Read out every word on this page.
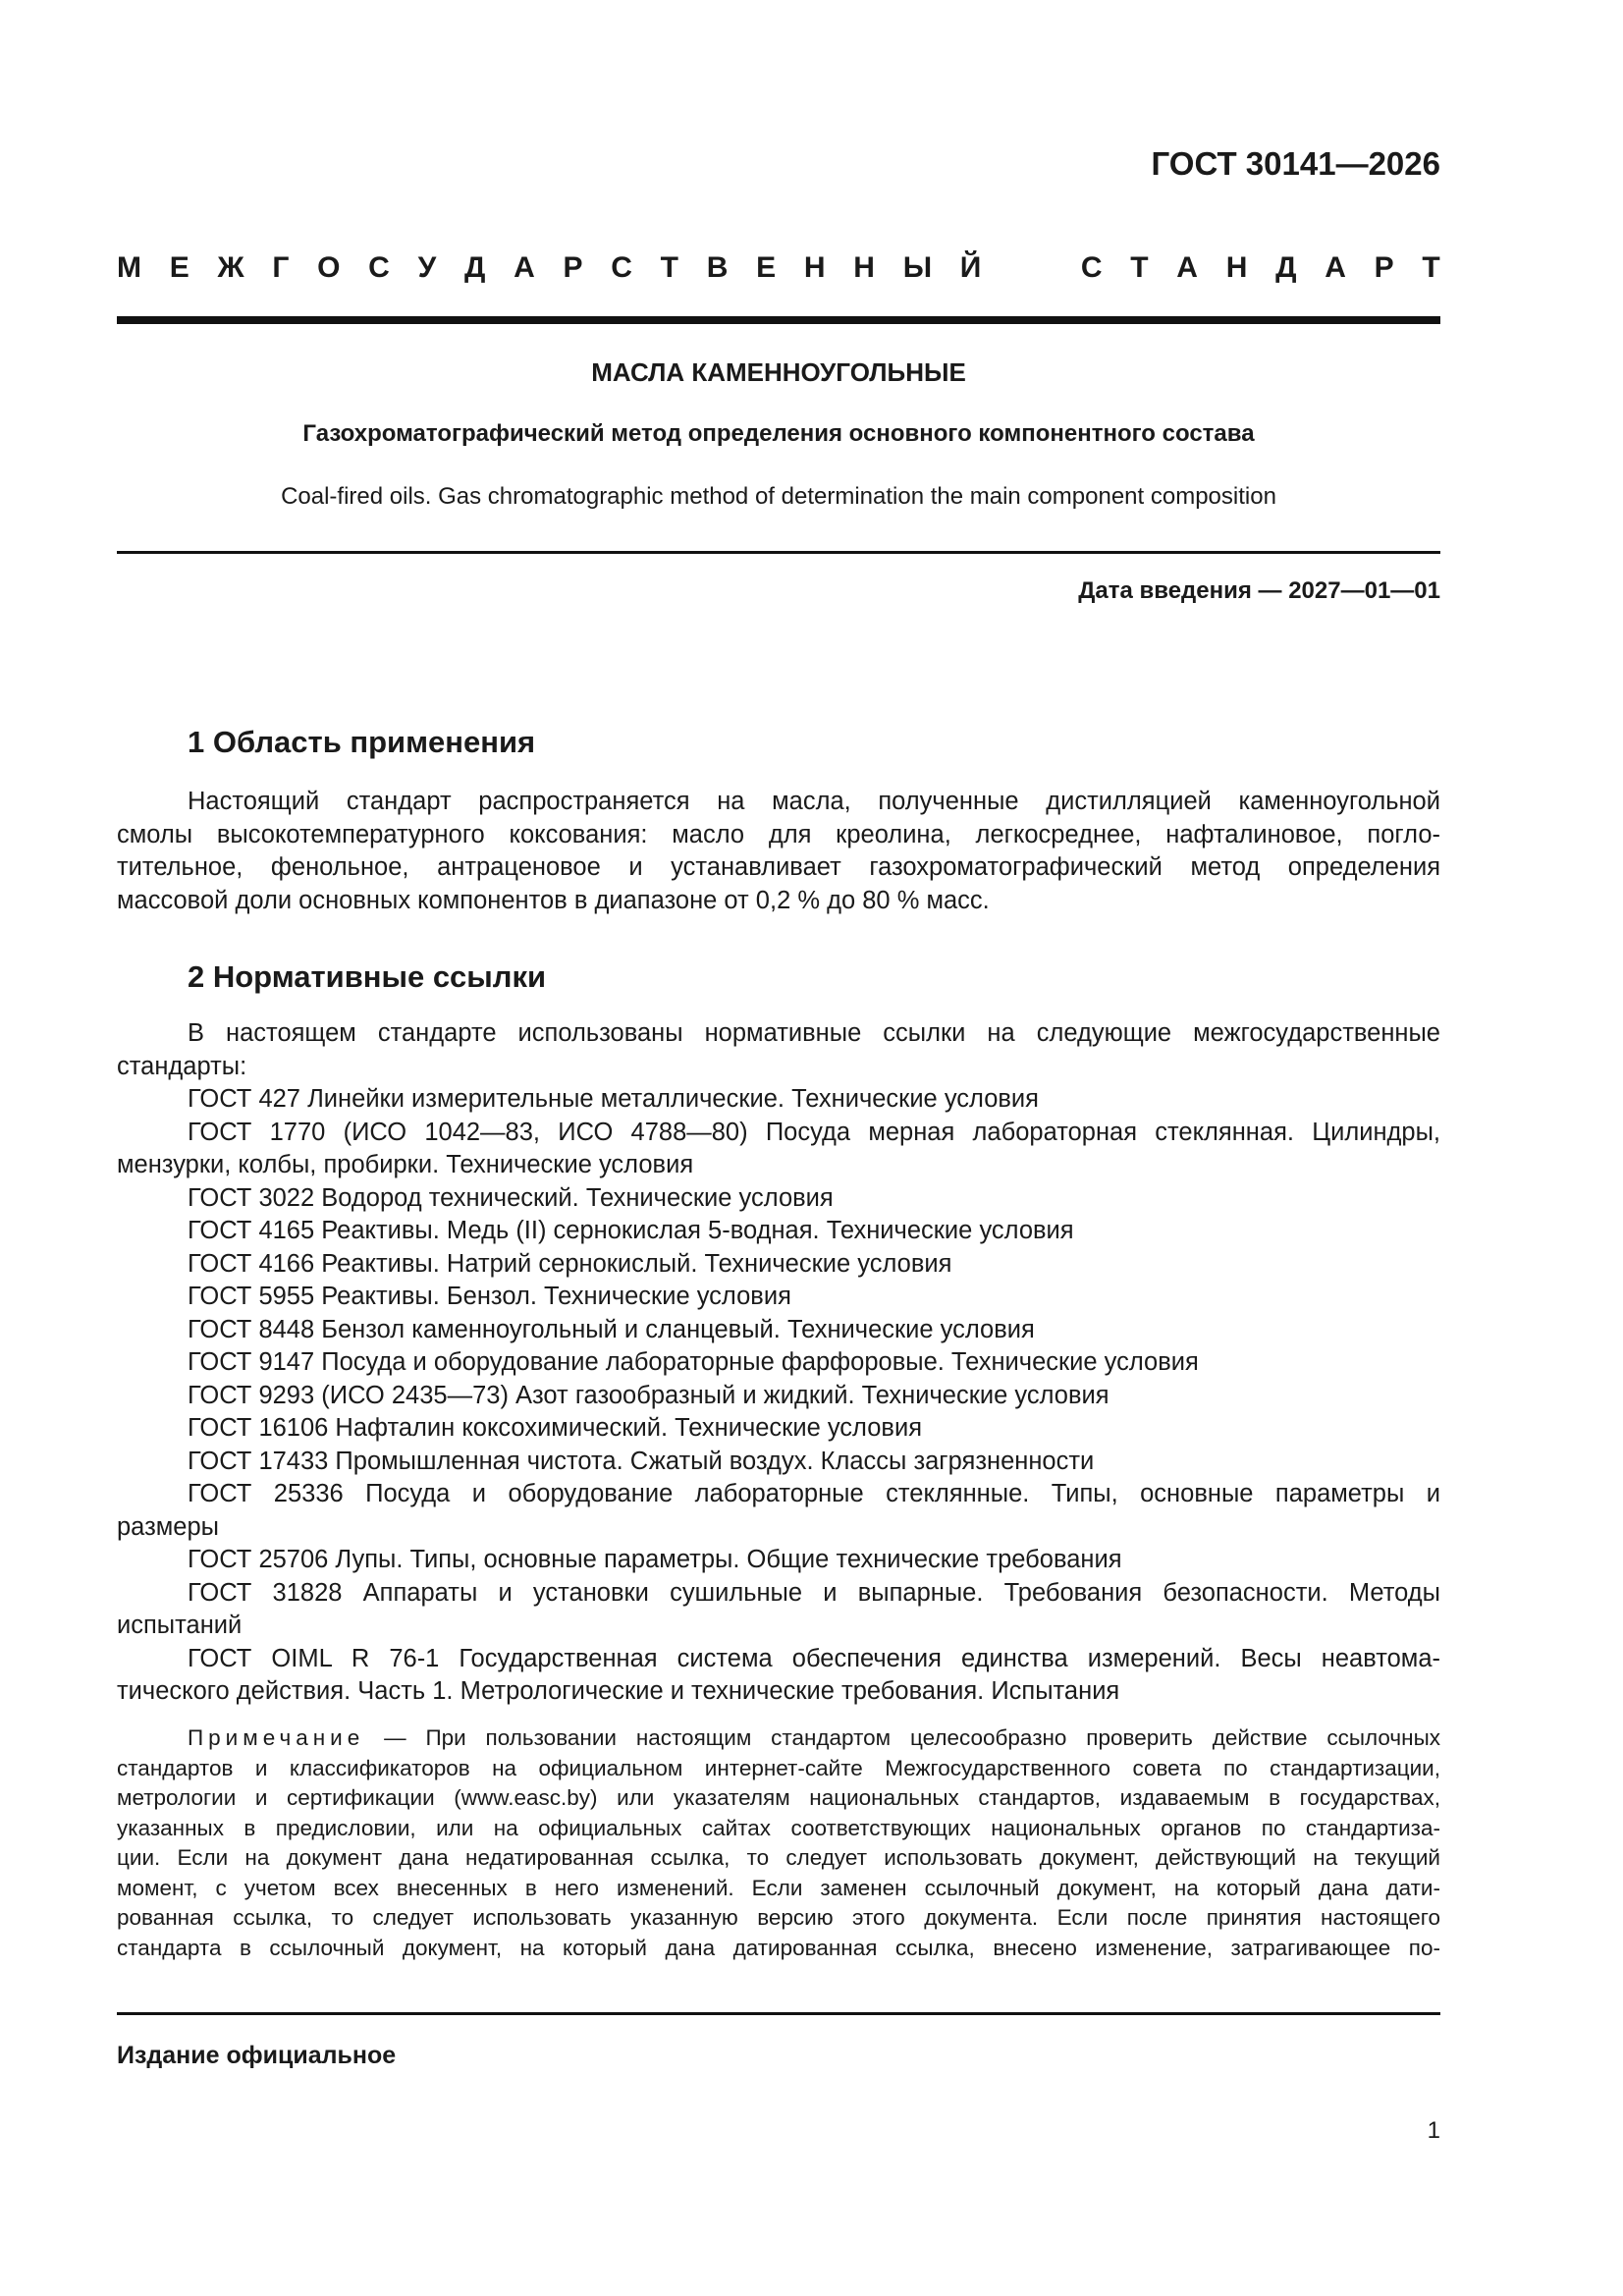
ГОСТ 30141—2026
М Е Ж Г О С У Д А Р С Т В Е Н Н Ы Й	С Т А Н Д А Р Т
МАСЛА КАМЕННОУГОЛЬНЫЕ
Газохроматографический метод определения основного компонентного состава
Coal-fired oils. Gas chromatographic method of determination the main component composition
Дата введения — 2027—01—01
1 Область применения

Настоящий стандарт распространяется на масла, полученные дистилляцией каменноугольной

смолы высокотемпературного коксования: масло для креолина, легкосреднее, нафталиновое, погло-

тительное, фенольное, антраценовое и устанавливает газохроматографический метод определения

массовой доли основных компонентов в диапазоне от 0,2 % до 80 % масс.

2 Нормативные ссылки

В настоящем стандарте использованы нормативные ссылки на следующие межгосударственные

стандарты:

ГОСТ 427 Линейки измерительные металлические. Технические условия

ГОСТ 1770 (ИСО 1042—83, ИСО 4788—80) Посуда мерная лабораторная стеклянная. Цилиндры,

мензурки, колбы, пробирки. Технические условия

ГОСТ 3022 Водород технический. Технические условия

ГОСТ 4165 Реактивы. Медь (II) сернокислая 5-водная. Технические условия

ГОСТ 4166 Реактивы. Натрий сернокислый. Технические условия

ГОСТ 5955 Реактивы. Бензол. Технические условия

ГОСТ 8448 Бензол каменноугольный и сланцевый. Технические условия

ГОСТ 9147 Посуда и оборудование лабораторные фарфоровые. Технические условия

ГОСТ 9293 (ИСО 2435—73) Азот газообразный и жидкий. Технические условия

ГОСТ 16106 Нафталин коксохимический. Технические условия

ГОСТ 17433 Промышленная чистота. Сжатый воздух. Классы загрязненности

ГОСТ 25336 Посуда и оборудование лабораторные стеклянные. Типы, основные параметры и

размеры

ГОСТ 25706 Лупы. Типы, основные параметры. Общие технические требования

ГОСТ 31828 Аппараты и установки сушильные и выпарные. Требования безопасности. Методы

испытаний

ГОСТ OIML R 76-1 Государственная система обеспечения единства измерений. Весы неавтома-

тического действия. Часть 1. Метрологические и технические требования. Испытания

Примечание — При пользовании настоящим стандартом целесообразно проверить действие ссылочных

стандартов и классификаторов на официальном интернет-сайте Межгосударственного совета по стандартизации,

метрологии и сертификации (www.easc.by) или указателям национальных стандартов, издаваемым в государствах,

указанных в предисловии, или на официальных сайтах соответствующих национальных органов по стандартиза-

ции. Если на документ дана недатированная ссылка, то следует использовать документ, действующий на текущий

момент, с учетом всех внесенных в него изменений. Если заменен ссылочный документ, на который дана дати-

рованная ссылка, то следует использовать указанную версию этого документа. Если после принятия настоящего

стандарта в ссылочный документ, на который дана датированная ссылка, внесено изменение, затрагивающее по-

Издание официальное
1
